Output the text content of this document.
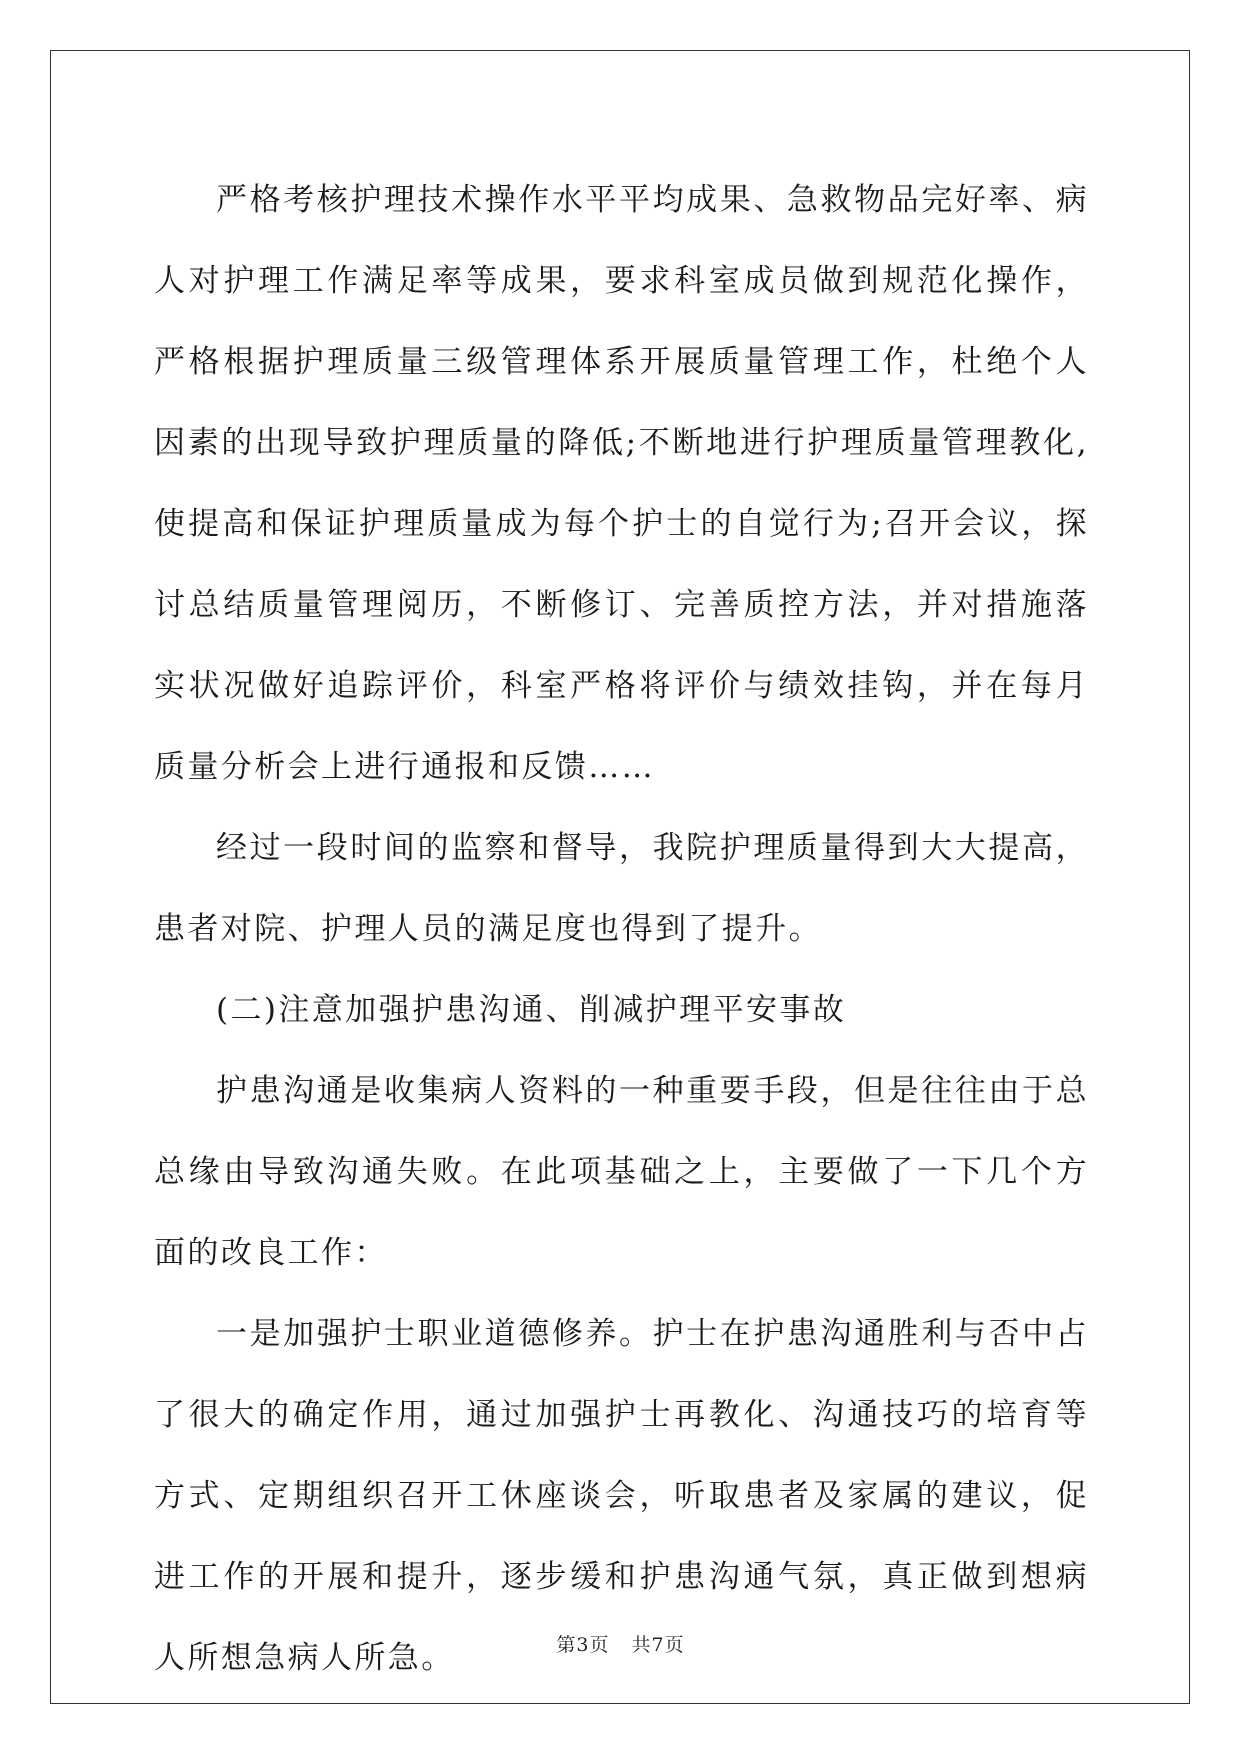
严格考核护理技术操作水平平均成果、急救物品完好率、病人对护理工作满足率等成果，要求科室成员做到规范化操作，严格根据护理质量三级管理体系开展质量管理工作，杜绝个人因素的出现导致护理质量的降低;不断地进行护理质量管理教化,使提高和保证护理质量成为每个护士的自觉行为;召开会议，探讨总结质量管理阅历，不断修订、完善质控方法，并对措施落实状况做好追踪评价，科室严格将评价与绩效挂钩，并在每月质量分析会上进行通报和反馈……

经过一段时间的监察和督导，我院护理质量得到大大提高，患者对院、护理人员的满足度也得到了提升。

(二)注意加强护患沟通、削减护理平安事故

护患沟通是收集病人资料的一种重要手段，但是往往由于总总缘由导致沟通失败。在此项基础之上，主要做了一下几个方面的改良工作：

一是加强护士职业道德修养。护士在护患沟通胜利与否中占了很大的确定作用，通过加强护士再教化、沟通技巧的培育等方式、定期组织召开工休座谈会，听取患者及家属的建议，促进工作的开展和提升，逐步缓和护患沟通气氛，真正做到想病人所想急病人所急。	第3页 共7页
